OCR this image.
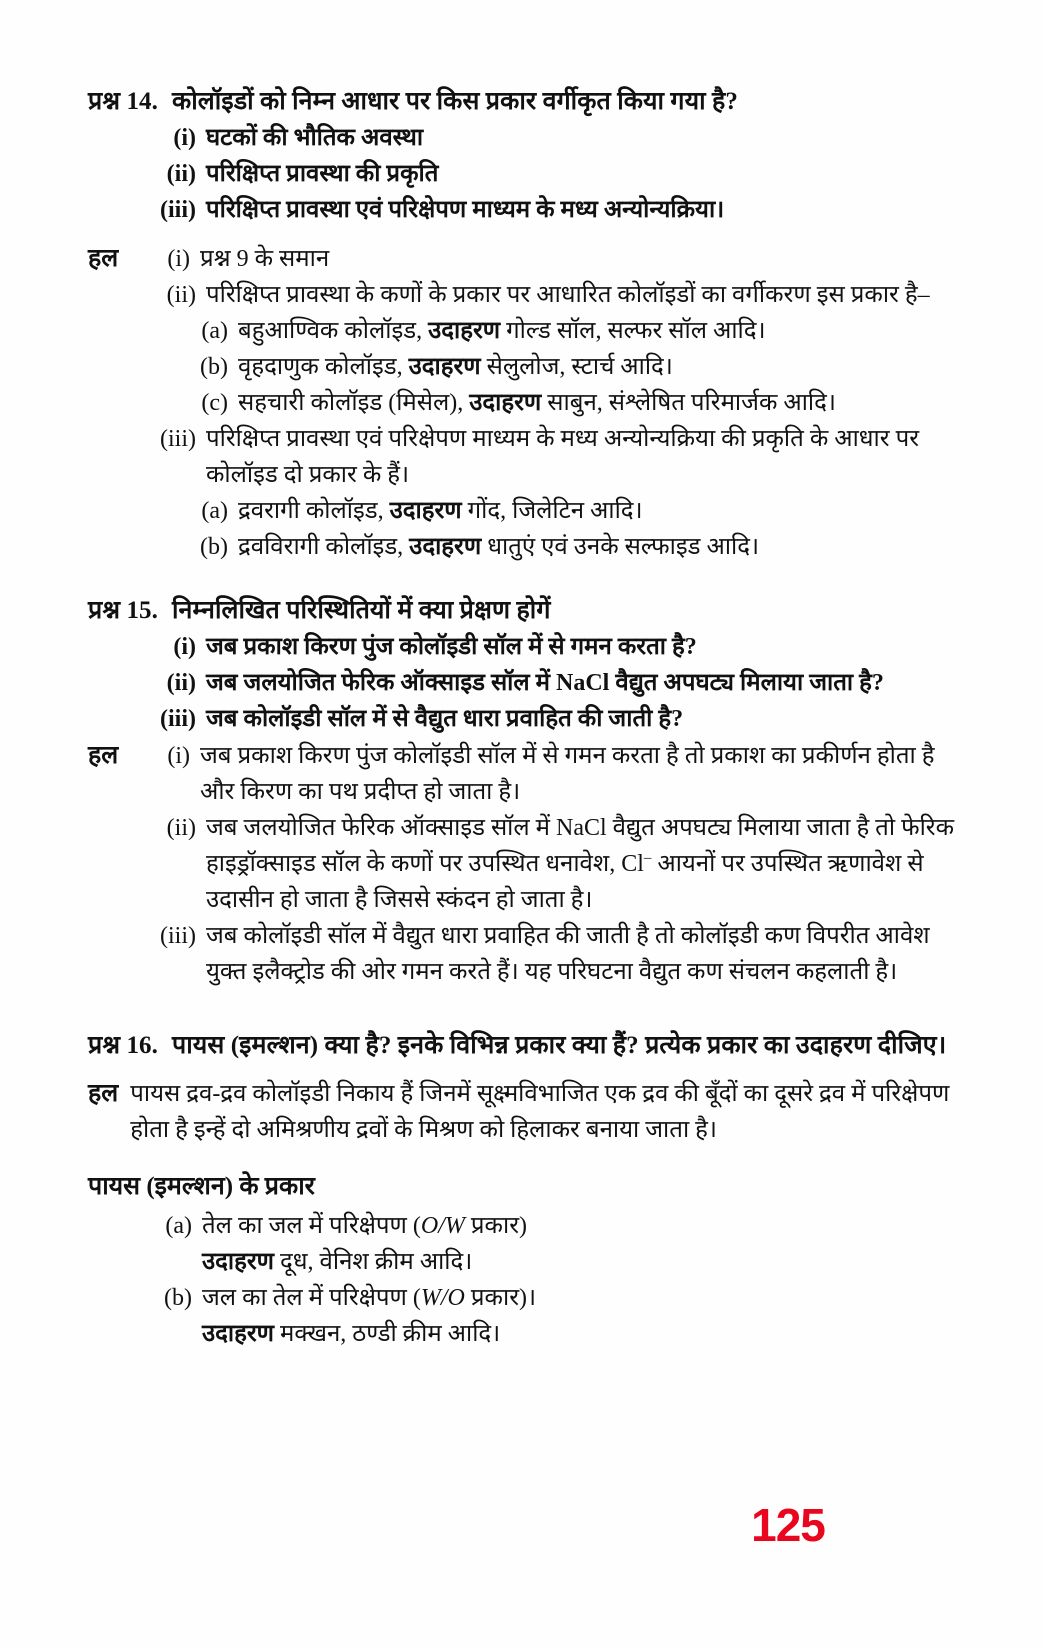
प्रश्न 14. कोलॉइडों को निम्न आधार पर किस प्रकार वर्गीकृत किया गया है?
(i) घटकों की भौतिक अवस्था
(ii) परिक्षिप्त प्रावस्था की प्रकृति
(iii) परिक्षिप्त प्रावस्था एवं परिक्षेपण माध्यम के मध्य अन्योन्यक्रिया।
हल	(i) प्रश्न 9 के समान
(ii) परिक्षिप्त प्रावस्था के कणों के प्रकार पर आधारित कोलॉइडों का वर्गीकरण इस प्रकार है–
(a) बहुआण्विक कोलॉइड, उदाहरण गोल्ड सॉल, सल्फर सॉल आदि।
(b) वृहदाणुक कोलॉइड, उदाहरण सेलुलोज, स्टार्च आदि।
(c) सहचारी कोलॉइड (मिसेल), उदाहरण साबुन, संश्लेषित परिमार्जक आदि।
(iii) परिक्षिप्त प्रावस्था एवं परिक्षेपण माध्यम के मध्य अन्योन्यक्रिया की प्रकृति के आधार पर कोलॉइड दो प्रकार के हैं।
(a) द्रवरागी कोलॉइड, उदाहरण गोंद, जिलेटिन आदि।
(b) द्रवविरागी कोलॉइड, उदाहरण धातुएं एवं उनके सल्फाइड आदि।
प्रश्न 15. निम्नलिखित परिस्थितियों में क्या प्रेक्षण होगें
(i) जब प्रकाश किरण पुंज कोलॉइडी सॉल में से गमन करता है?
(ii) जब जलयोजित फेरिक ऑक्साइड सॉल में NaCl वैद्युत अपघट्य मिलाया जाता है?
(iii) जब कोलॉइडी सॉल में से वैद्युत धारा प्रवाहित की जाती है?
हल	(i) जब प्रकाश किरण पुंज कोलॉइडी सॉल में से गमन करता है तो प्रकाश का प्रकीर्णन होता है और किरण का पथ प्रदीप्त हो जाता है।
(ii) जब जलयोजित फेरिक ऑक्साइड सॉल में NaCl वैद्युत अपघट्य मिलाया जाता है तो फेरिक हाइड्रॉक्साइड सॉल के कणों पर उपस्थित धनावेश, Cl– आयनों पर उपस्थित ऋणावेश से उदासीन हो जाता है जिससे स्कंदन हो जाता है।
(iii) जब कोलॉइडी सॉल में वैद्युत धारा प्रवाहित की जाती है तो कोलॉइडी कण विपरीत आवेश युक्त इलैक्ट्रोड की ओर गमन करते हैं। यह परिघटना वैद्युत कण संचलन कहलाती है।
प्रश्न 16. पायस (इमल्शन) क्या है? इनके विभिन्न प्रकार क्या हैं? प्रत्येक प्रकार का उदाहरण दीजिए।
हल पायस द्रव-द्रव कोलॉइडी निकाय हैं जिनमें सूक्ष्मविभाजित एक द्रव की बूँदों का दूसरे द्रव में परिक्षेपण होता है इन्हें दो अमिश्रणीय द्रवों के मिश्रण को हिलाकर बनाया जाता है।
पायस (इमल्शन) के प्रकार
(a) तेल का जल में परिक्षेपण (O/W प्रकार)
उदाहरण दूध, वेनिश क्रीम आदि।
(b) जल का तेल में परिक्षेपण (W/O प्रकार)।
उदाहरण मक्खन, ठण्डी क्रीम आदि।
125
